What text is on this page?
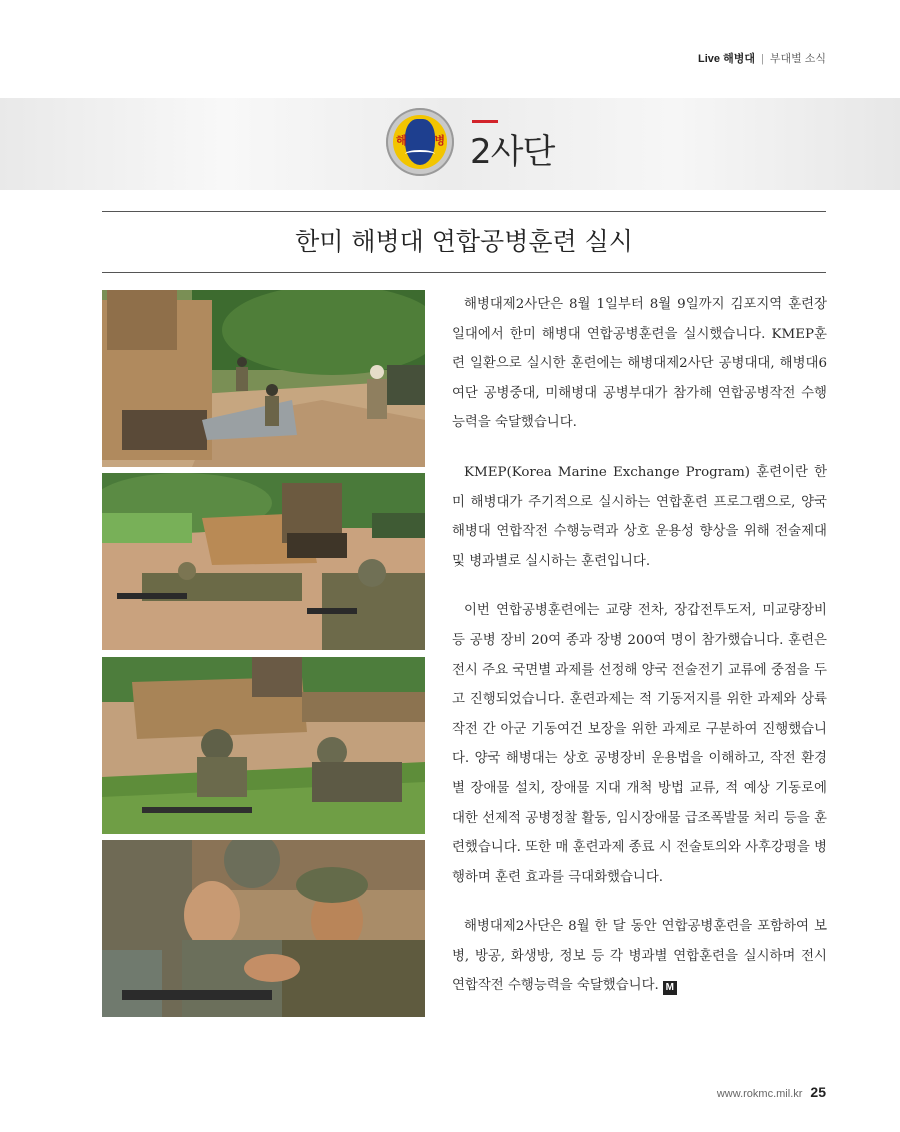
Live 해병대 | 부대별 소식
해	병 2사단
한미 해병대 연합공병훈련 실시

해병대제2사단은 8월 1일부터 8월 9일까지 김포지역 훈련장 일대에서 한미 해병대 연합공병훈련을 실시했습니다. KMEP훈련 일환으로 실시한 훈련에는 해병대제2사단 공병대대, 해병대6여단 공병중대, 미해병대 공병부대가 참가해 연합공병작전 수행능력을 숙달했습니다.

KMEP(Korea Marine Exchange Program) 훈련이란 한미 해병대가 주기적으로 실시하는 연합훈련 프로그램으로, 양국 해병대 연합작전 수행능력과 상호 운용성 향상을 위해 전술제대 및 병과별로 실시하는 훈련입니다.

이번 연합공병훈련에는 교량 전차, 장갑전투도저, 미교량장비 등 공병 장비 20여 종과 장병 200여 명이 참가했습니다. 훈련은 전시 주요 국면별 과제를 선정해 양국 전술전기 교류에 중점을 두고 진행되었습니다. 훈련과제는 적 기동저지를 위한 과제와 상륙작전 간 아군 기동여건 보장을 위한 과제로 구분하여 진행했습니다. 양국 해병대는 상호 공병장비 운용법을 이해하고, 작전 환경별 장애물 설치, 장애물 지대 개척 방법 교류, 적 예상 기동로에 대한 선제적 공병정찰 활동, 임시장애물 급조폭발물 처리 등을 훈련했습니다. 또한 매 훈련과제 종료 시 전술토의와 사후강평을 병행하며 훈련 효과를 극대화했습니다.

해병대제2사단은 8월 한 달 동안 연합공병훈련을 포함하여 보병, 방공, 화생방, 정보 등 각 병과별 연합훈련을 실시하며 전시 연합작전 수행능력을 숙달했습니다. M

www.rokmc.mil.kr 25
